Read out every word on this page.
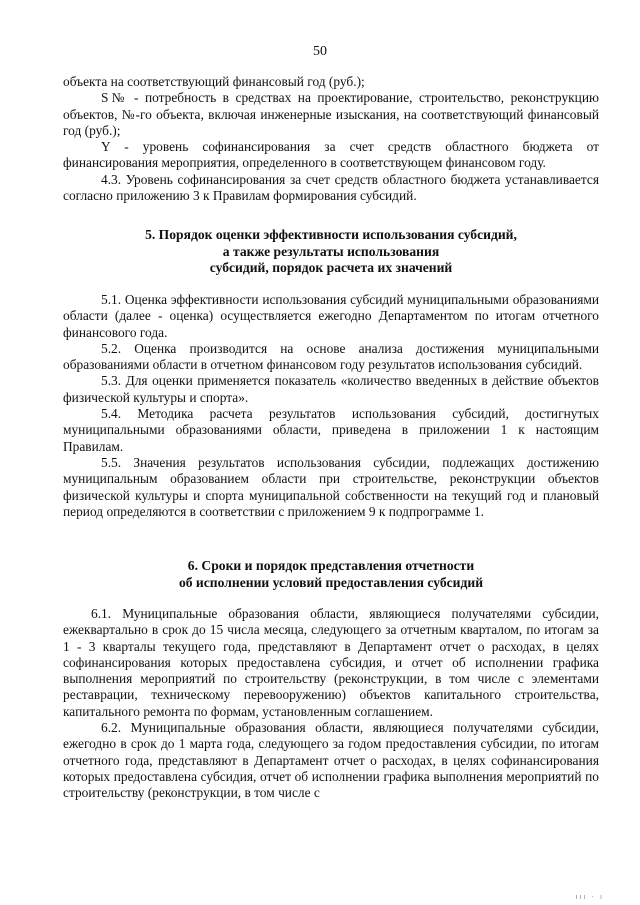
50

объекта на соответствующий финансовый год (руб.);

S№ - потребность в средствах на проектирование, строительство, реконструкцию объектов, №-го объекта, включая инженерные изыскания, на соответствующий финансовый год (руб.);

Y - уровень софинансирования за счет средств областного бюджета от финансирования мероприятия, определенного в соответствующем финансовом году.

4.3. Уровень софинансирования за счет средств областного бюджета устанавливается согласно приложению 3 к Правилам формирования субсидий.

5. Порядок оценки эффективности использования субсидий,
а также результаты использования
субсидий, порядок расчета их значений

5.1. Оценка эффективности использования субсидий муниципальными образованиями области (далее - оценка) осуществляется ежегодно Департаментом по итогам отчетного финансового года.

5.2. Оценка производится на основе анализа достижения муниципальными образованиями области в отчетном финансовом году результатов использования субсидий.

5.3. Для оценки применяется показатель «количество введенных в действие объектов физической культуры и спорта».

5.4. Методика расчета результатов использования субсидий, достигнутых муниципальными образованиями области, приведена в приложении 1 к настоящим Правилам.

5.5. Значения результатов использования субсидии, подлежащих достижению муниципальным образованием области при строительстве, реконструкции объектов физической культуры и спорта муниципальной собственности на текущий год и плановый период определяются в соответствии с приложением 9 к подпрограмме 1.

6. Сроки и порядок представления отчетности
об исполнении условий предоставления субсидий

6.1. Муниципальные образования области, являющиеся получателями субсидии, ежеквартально в срок до 15 числа месяца, следующего за отчетным кварталом, по итогам за 1 - 3 кварталы текущего года, представляют в Департамент отчет о расходах, в целях софинансирования которых предоставлена субсидия, и отчет об исполнении графика выполнения мероприятий по строительству (реконструкции, в том числе с элементами реставрации, техническому перевооружению) объектов капитального строительства, капитального ремонта по формам, установленным соглашением.

6.2. Муниципальные образования области, являющиеся получателями субсидии, ежегодно в срок до 1 марта года, следующего за годом предоставления субсидии, по итогам отчетного года, представляют в Департамент отчет о расходах, в целях софинансирования которых предоставлена субсидия, отчет об исполнении графика выполнения мероприятий по строительству (реконструкции, в том числе с

ııı · ı
